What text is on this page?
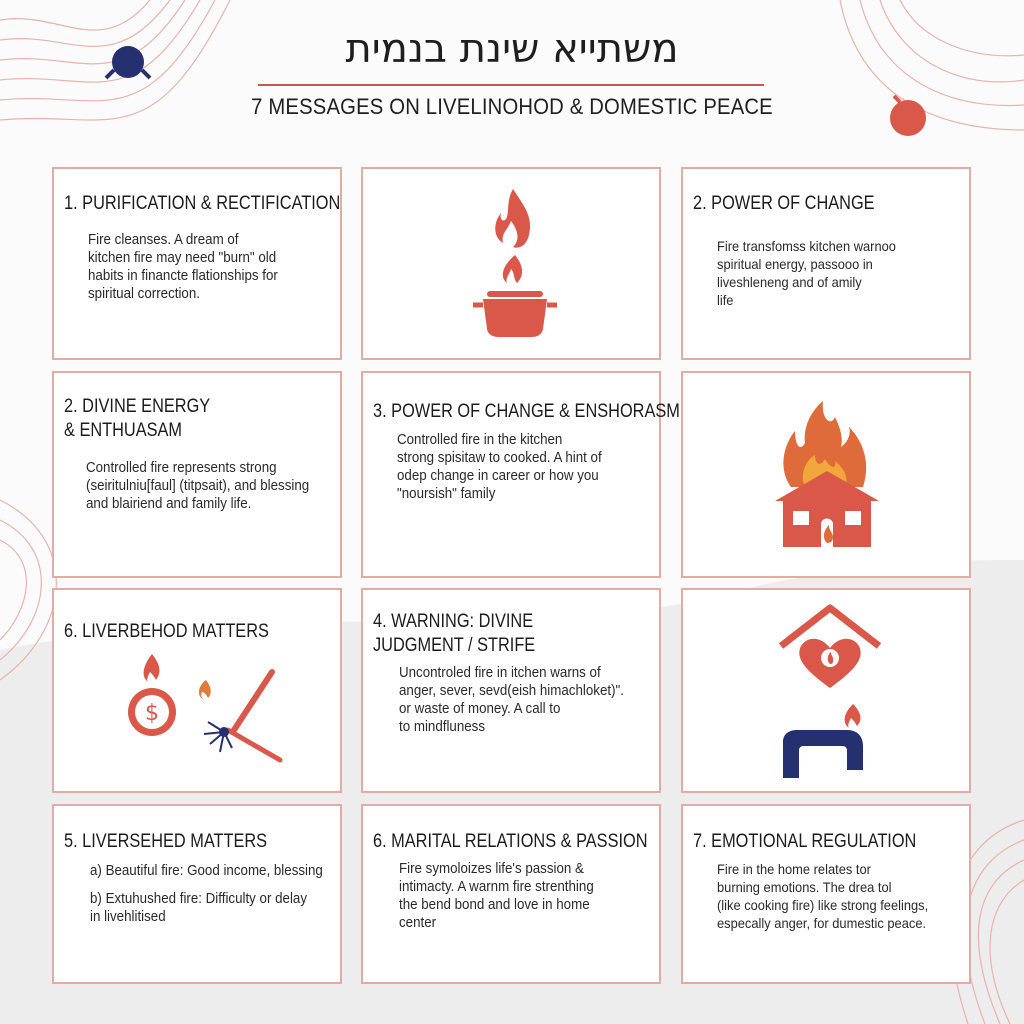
משתייא שינת בנמית
7 MESSAGES ON LIVELINOHOD & DOMESTIC PEACE
1. PURIFICATION & RECTIFICATION

Fire cleanses. A dream of
kitchen fire may need "burn" old
habits in financte flationships for
spiritual correction.

2. POWER OF CHANGE

Fire transfomss kitchen warnoo
spiritual energy, passooo in
liveshleneng and of amily
life

2. DIVINE ENERGY
& ENTHUASAM

Controlled fire represents strong
(seiritulniu[faul] (titpsait), and blessing
and blairiend and family life.

3. POWER OF CHANGE & ENSHORASM

Controlled fire in the kitchen
strong spisitaw to cooked. A hint of
odep change in career or how you
"noursish" family

6. LIVERBEHOD MATTERS
$
4. WARNING: DIVINE
JUDGMENT / STRIFE

Uncontroled fire in itchen warns of
anger, sever, sevd(eish himachloket)".
or waste of money. A call to
to mindfluness

5. LIVERSEHED MATTERS

a) Beautiful fire: Good income, blessing

b) Extuhushed fire: Difficulty or delay
in livehlitised

6. MARITAL RELATIONS & PASSION

Fire symoloizes life's passion &
intimacty. A warnm fire strenthing
the bend bond and love in home
center

7. EMOTIONAL REGULATION

Fire in the home relates tor
burning emotions. The drea tol
(like cooking fire) like strong feelings,
especally anger, for dumestic peace.
